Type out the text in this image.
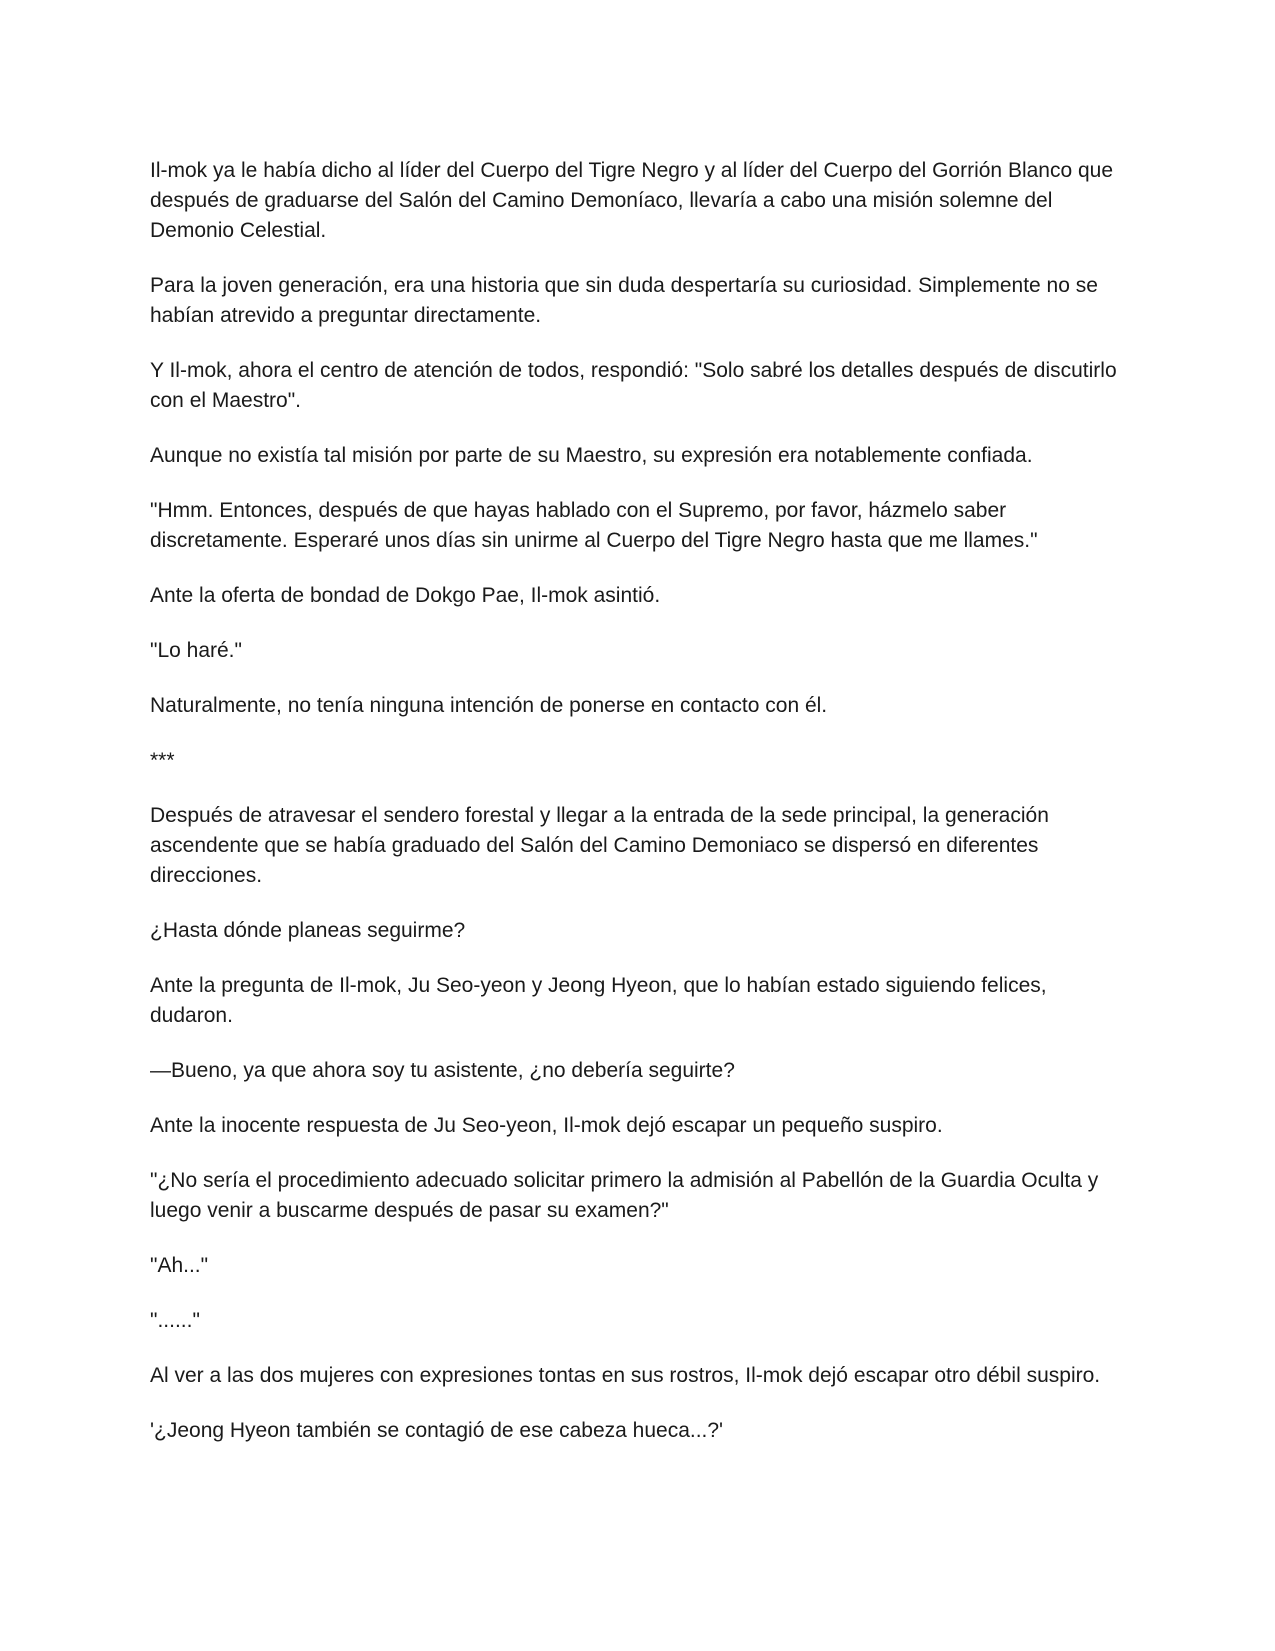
Il-mok ya le había dicho al líder del Cuerpo del Tigre Negro y al líder del Cuerpo del Gorrión Blanco que después de graduarse del Salón del Camino Demoníaco, llevaría a cabo una misión solemne del Demonio Celestial.

Para la joven generación, era una historia que sin duda despertaría su curiosidad. Simplemente no se habían atrevido a preguntar directamente.

Y Il-mok, ahora el centro de atención de todos, respondió: "Solo sabré los detalles después de discutirlo con el Maestro".

Aunque no existía tal misión por parte de su Maestro, su expresión era notablemente confiada.

"Hmm. Entonces, después de que hayas hablado con el Supremo, por favor, házmelo saber discretamente. Esperaré unos días sin unirme al Cuerpo del Tigre Negro hasta que me llames."

Ante la oferta de bondad de Dokgo Pae, Il-mok asintió.

"Lo haré."

Naturalmente, no tenía ninguna intención de ponerse en contacto con él.

***

Después de atravesar el sendero forestal y llegar a la entrada de la sede principal, la generación ascendente que se había graduado del Salón del Camino Demoniaco se dispersó en diferentes direcciones.

¿Hasta dónde planeas seguirme?

Ante la pregunta de Il-mok, Ju Seo-yeon y Jeong Hyeon, que lo habían estado siguiendo felices, dudaron.

—Bueno, ya que ahora soy tu asistente, ¿no debería seguirte?

Ante la inocente respuesta de Ju Seo-yeon, Il-mok dejó escapar un pequeño suspiro.

"¿No sería el procedimiento adecuado solicitar primero la admisión al Pabellón de la Guardia Oculta y luego venir a buscarme después de pasar su examen?"

"Ah..."

"......"

Al ver a las dos mujeres con expresiones tontas en sus rostros, Il-mok dejó escapar otro débil suspiro.

'¿Jeong Hyeon también se contagió de ese cabeza hueca...?'
